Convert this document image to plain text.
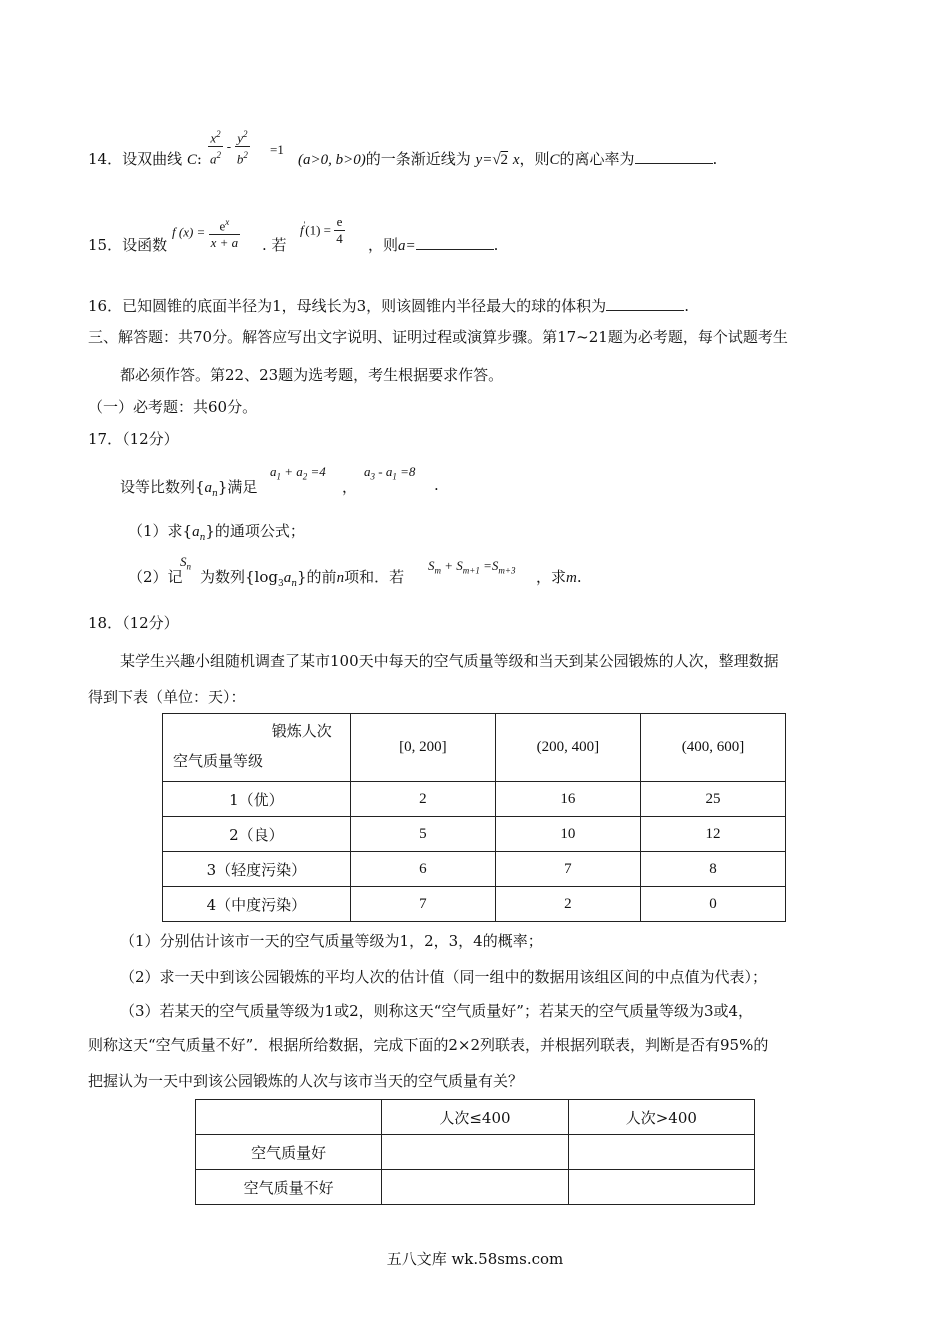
14．设双曲线 C: $\frac{x^2}{a^2} - \frac{y^2}{b^2} =1$
(a>0, b>0)的一条渐近线为 y=√2 x，则C的离心率为	.
15．设函数
f $(x) = \frac{e^x}{x + a}$ . 若
$f'(1) = \frac{e}{4}$ ，则a=	.
16．已知圆锥的底面半径为1，母线长为3，则该圆锥内半径最大的球的体积为	.
三、解答题：共70分。解答应写出文字说明、证明过程或演算步骤。第17~21题为必考题，每个试题考生
都必须作答。第22、23题为选考题，考生根据要求作答。
（一）必考题：共60分。
17．（12分）
设等比数列$\{a_n\}$满足
$a_1 + a_2 =4$
，
$a_3 - a_1 =8$
.
（1）求$\{a_n\}$的通项公式；
（2）记
$S_n$
为数列$\{\log_3a_n\}$的前n项和．若
$S_m + S_{m+1} =S_{m+3}$ ，求m.
18．（12分）
某学生兴趣小组随机调查了某市100天中每天的空气质量等级和当天到某公园锻炼的人次，整理数据
得到下表（单位：天）：
锻炼人次
空气质量等级	[0, 200]	(200, 400]	(400, 600]
1（优）	2	16	25
2（良）	5	10	12
3（轻度污染）	6	7	8
4（中度污染）	7	2	0
（1）分别估计该市一天的空气质量等级为1，2，3，4的概率；
（2）求一天中到该公园锻炼的平均人次的估计值（同一组中的数据用该组区间的中点值为代表）；
（3）若某天的空气质量等级为1或2，则称这天“空气质量好”；若某天的空气质量等级为3或4，
则称这天“空气质量不好”．根据所给数据，完成下面的2×2列联表，并根据列联表，判断是否有95%的
把握认为一天中到该公园锻炼的人次与该市当天的空气质量有关？
	人次≤400	人次>400
空气质量好		
空气质量不好		
五八文库 wk.58sms.com
